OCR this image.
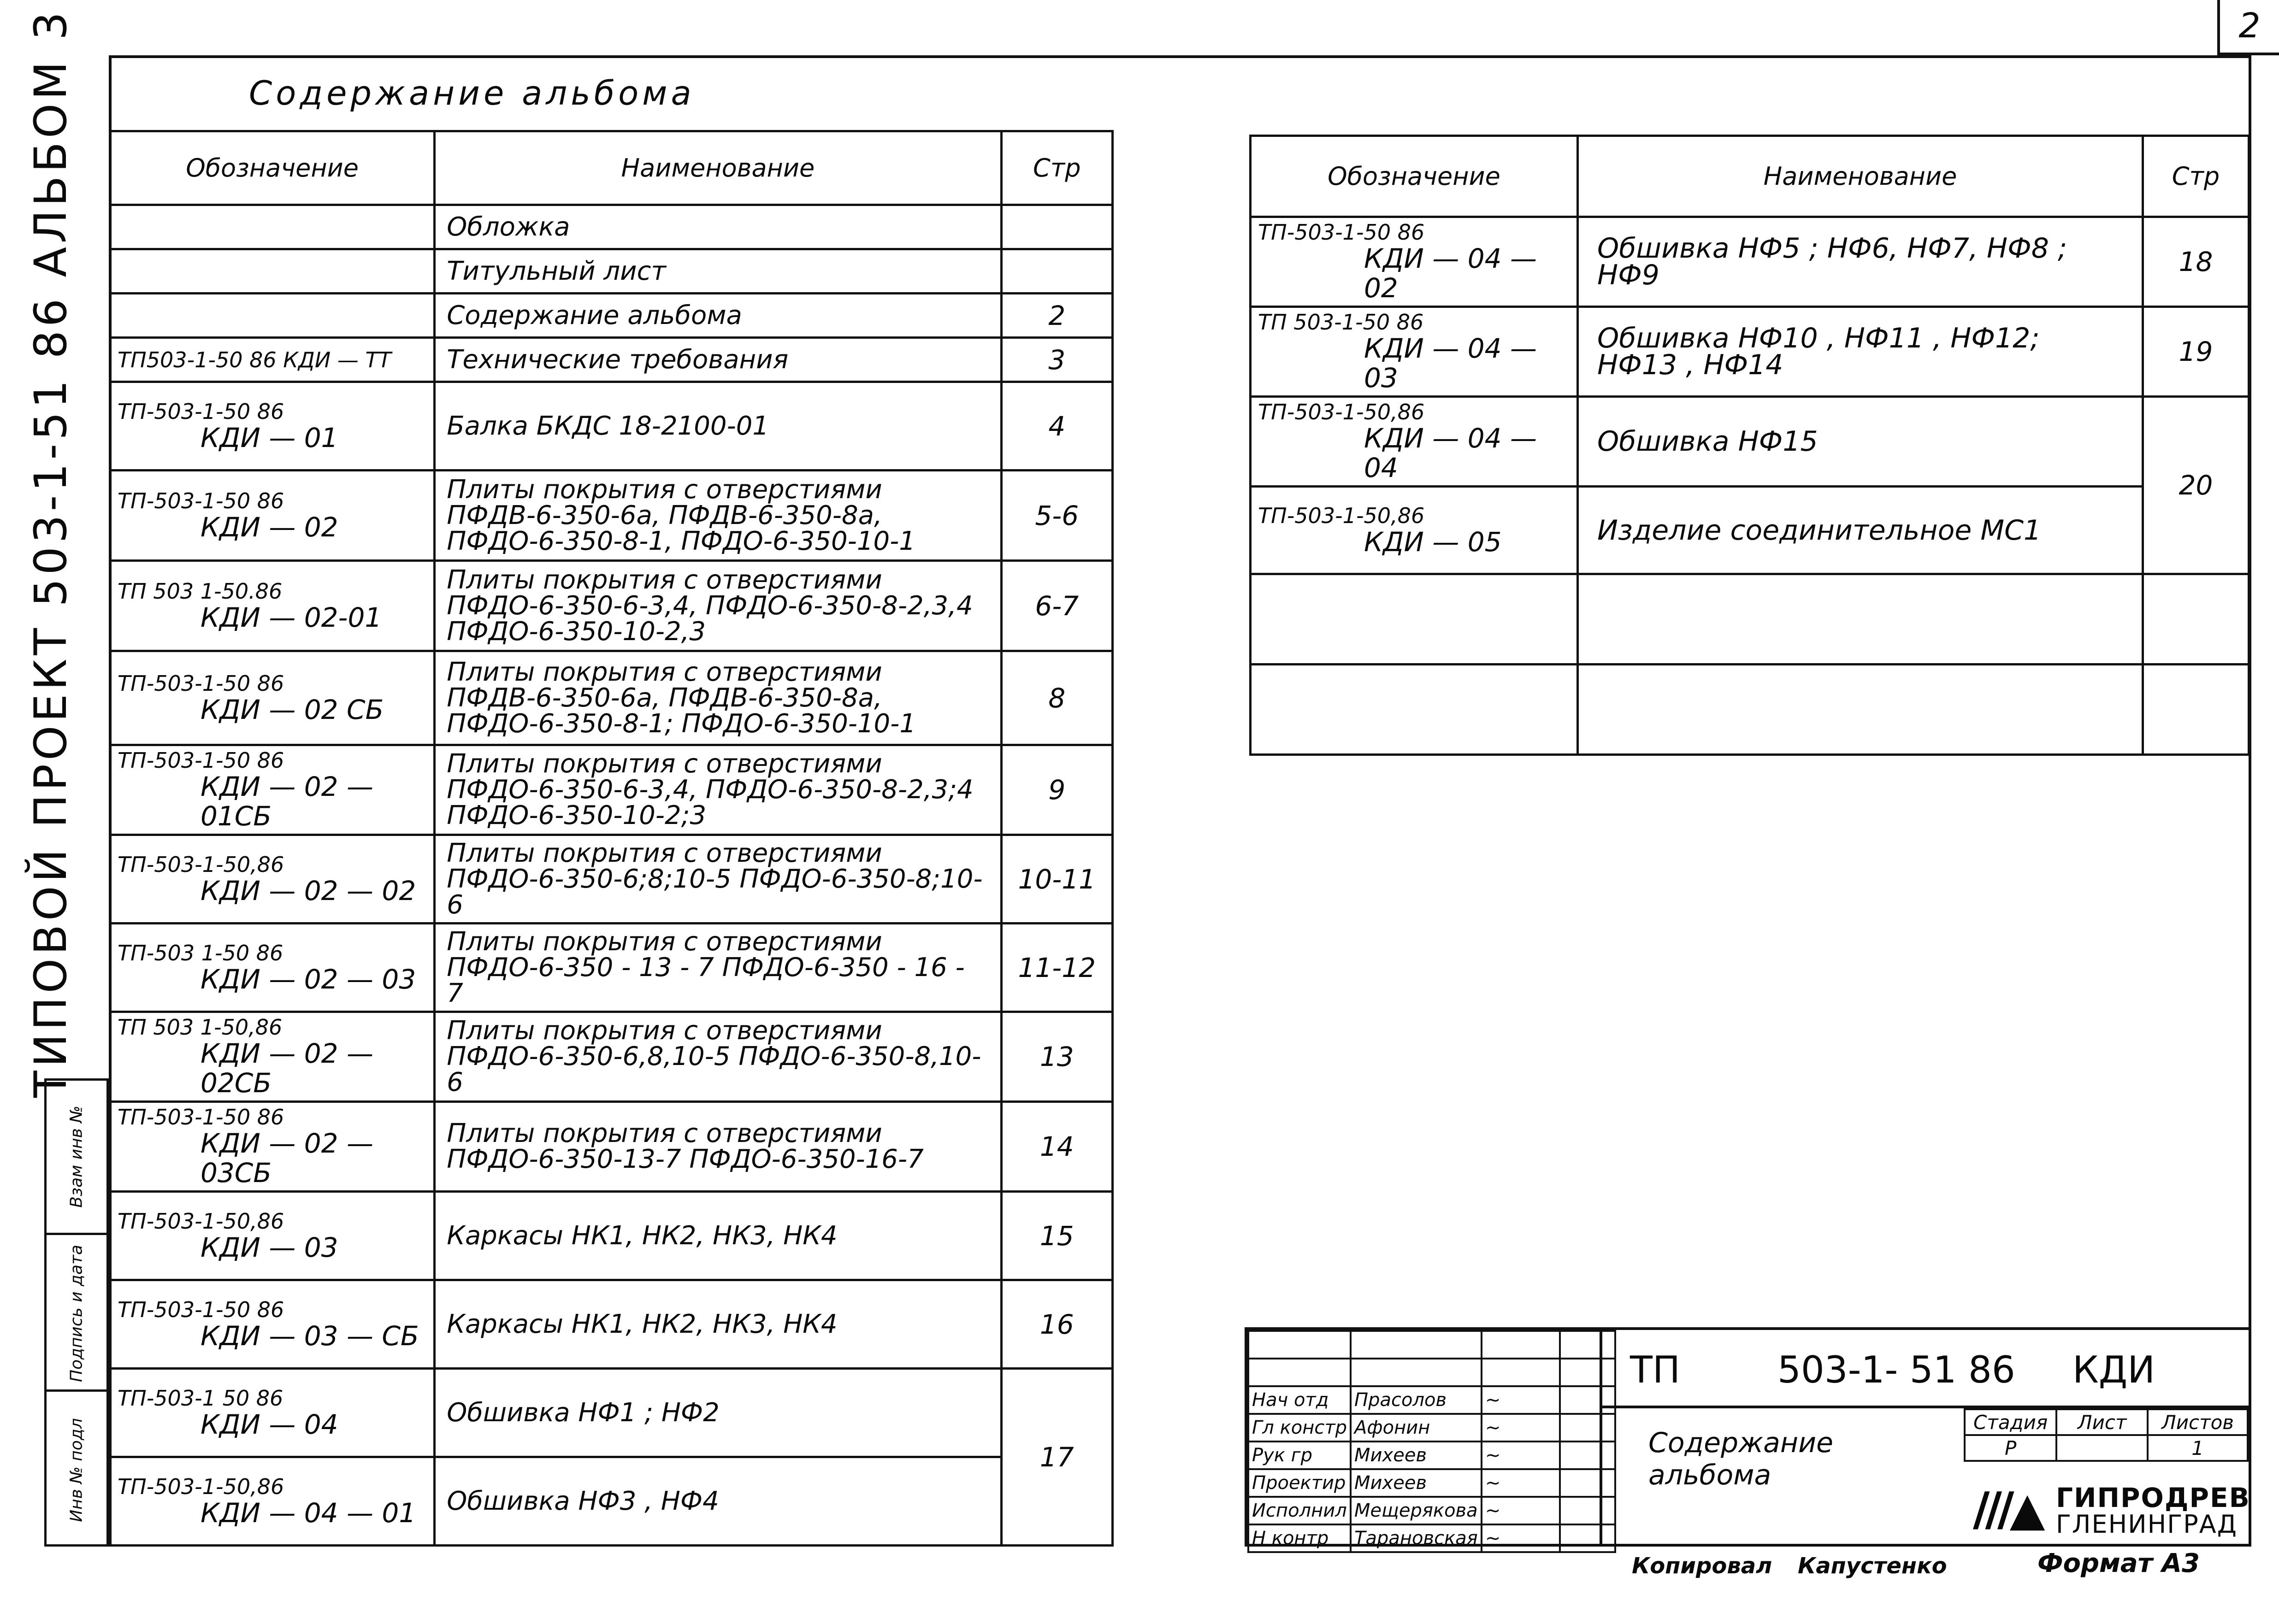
2
ТИПОВОЙ ПРОЕКТ 503-1-51 86 АЛЬБОМ 3
Взам инв №
Подпись и дата
Инв № подл
Содержание альбома
Обозначение	Наименование	Стр

	Обложка	

	Титульный лист	

	Содержание альбома	2
ТП503-1-50 86 КДИ — ТТ	Технические требования	3
ТП-503-1-50 86
КДИ — 01	Балка БКДС 18-2100-01	4
ТП-503-1-50 86
КДИ — 02	Плиты покрытия с отверстиями ПФДВ-6-350-6а, ПФДВ-6-350-8а, ПФДО-6-350-8-1, ПФДО-6-350-10-1	5-6
ТП 503 1-50.86
КДИ — 02-01	Плиты покрытия с отверстиями ПФДО-6-350-6-3,4, ПФДО-6-350-8-2,3,4 ПФДО-6-350-10-2,3	6-7
ТП-503-1-50 86
КДИ — 02 СБ	Плиты покрытия с отверстиями ПФДВ-6-350-6а, ПФДВ-6-350-8а, ПФДО-6-350-8-1; ПФДО-6-350-10-1	8
ТП-503-1-50 86
КДИ — 02 — 01СБ	Плиты покрытия с отверстиями ПФДО-6-350-6-3,4, ПФДО-6-350-8-2,3;4 ПФДО-6-350-10-2;3	9
ТП-503-1-50,86
КДИ — 02 — 02	Плиты покрытия с отверстиями ПФДО-6-350-6;8;10-5 ПФДО-6-350-8;10-6	10-11
ТП-503 1-50 86
КДИ — 02 — 03	Плиты покрытия с отверстиями ПФДО-6-350 - 13 - 7 ПФДО-6-350 - 16 - 7	11-12
ТП 503 1-50,86
КДИ — 02 — 02СБ	Плиты покрытия с отверстиями ПФДО-6-350-6,8,10-5 ПФДО-6-350-8,10-6	13
ТП-503-1-50 86
КДИ — 02 — 03СБ	Плиты покрытия с отверстиями ПФДО-6-350-13-7 ПФДО-6-350-16-7	14
ТП-503-1-50,86
КДИ — 03	Каркасы НК1, НК2, НК3, НК4	15
ТП-503-1-50 86
КДИ — 03 — СБ	Каркасы НК1, НК2, НК3, НК4	16
ТП-503-1 50 86
КДИ — 04	Обшивка НФ1 ; НФ2	17
ТП-503-1-50,86
КДИ — 04 — 01	Обшивка НФ3 , НФ4	
Обозначение	Наименование	Стр
ТП-503-1-50 86
КДИ — 04 — 02	Обшивка НФ5 ; НФ6, НФ7, НФ8 ; НФ9	18
ТП 503-1-50 86
КДИ — 04 — 03	Обшивка НФ10 , НФ11 , НФ12; НФ13 , НФ14	19
ТП-503-1-50,86
КДИ — 04 — 04	Обшивка НФ15	20
ТП-503-1-50,86
КДИ — 05	Изделие соединительное МС1	

Нач отд	Прасолов	~	
Гл констр	Афонин	~	
Рук гр	Михеев	~	
Проектир	Михеев	~	
Исполнил	Мещерякова	~	
Н контр	Тарановская	~	
ТП	503-1- 51 86 КДИ
Содержание альбома
Стадия	Лист	Листов
Р		1
///▲ ГИПРОДРЕВ
ГЛЕНИНГРАД
Копировал Капустенко	Формат А3
